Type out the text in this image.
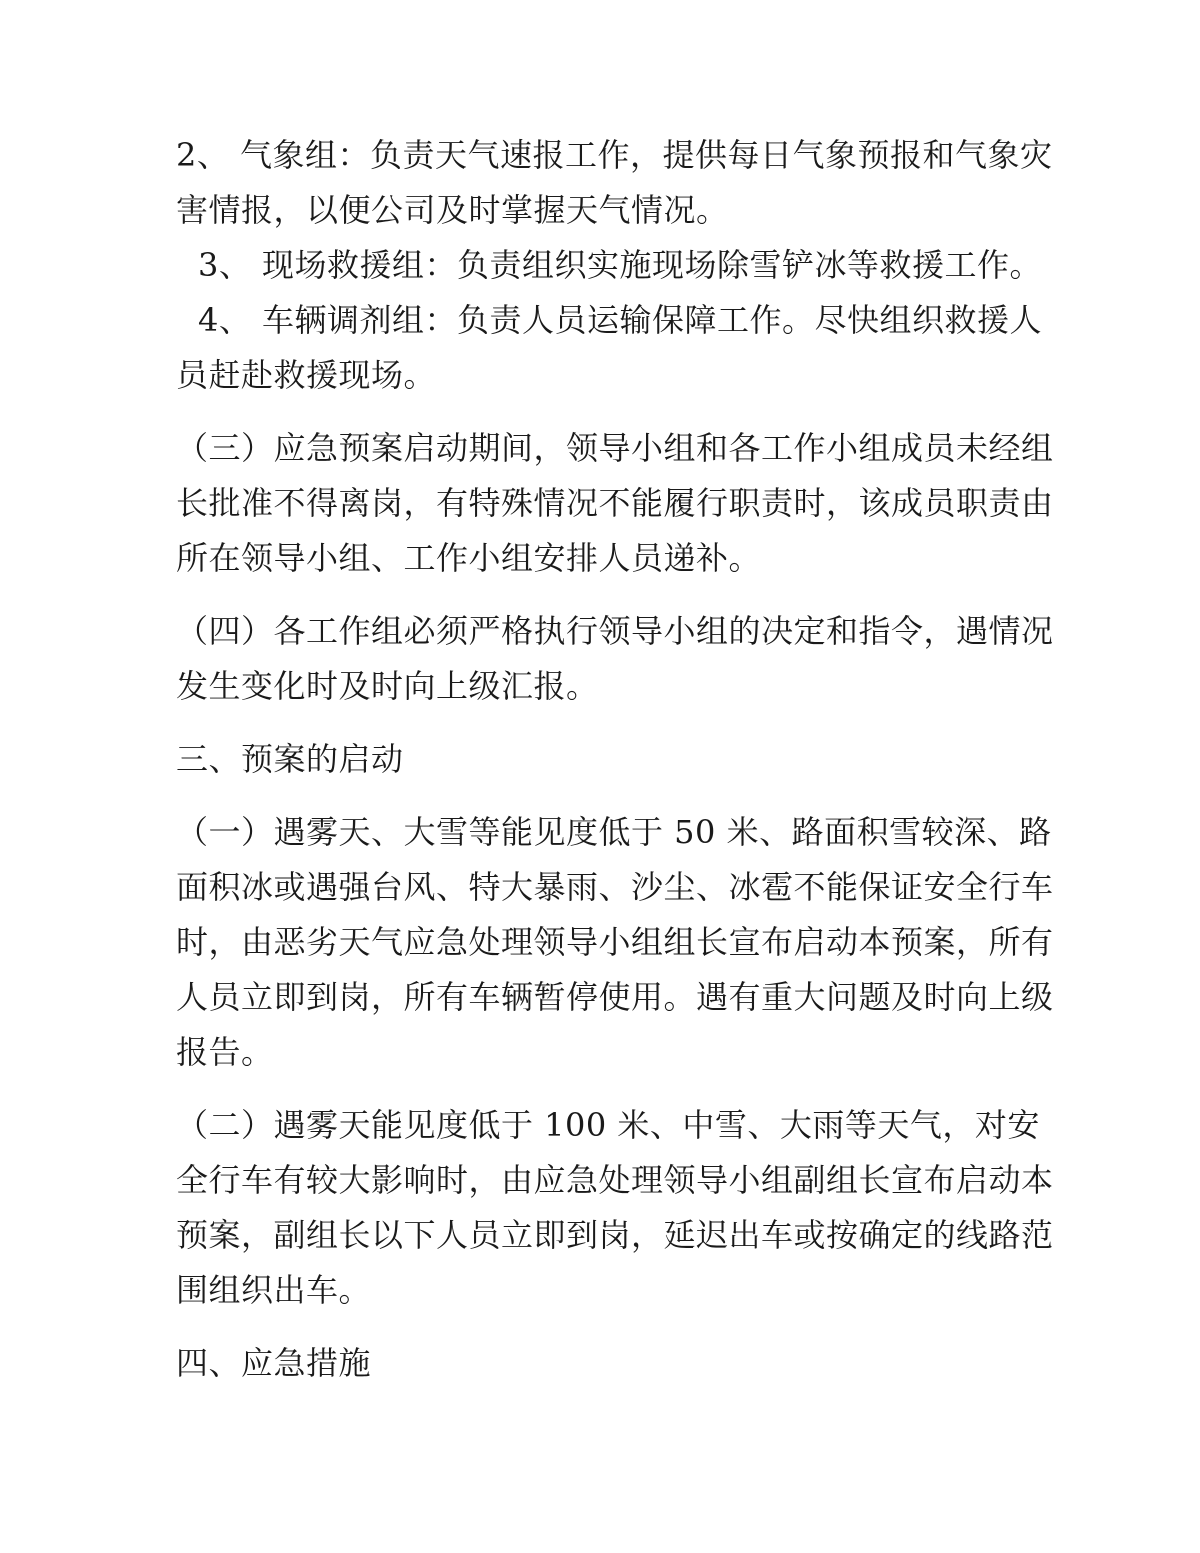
2、 气象组：负责天气速报工作，提供每日气象预报和气象灾
害情报，以便公司及时掌握天气情况。
3、 现场救援组：负责组织实施现场除雪铲冰等救援工作。
4、 车辆调剂组：负责人员运输保障工作。尽快组织救援人
员赶赴救援现场。
（三）应急预案启动期间，领导小组和各工作小组成员未经组
长批准不得离岗，有特殊情况不能履行职责时，该成员职责由
所在领导小组、工作小组安排人员递补。
（四）各工作组必须严格执行领导小组的决定和指令，遇情况
发生变化时及时向上级汇报。
三、预案的启动
（一）遇雾天、大雪等能见度低于 50 米、路面积雪较深、路
面积冰或遇强台风、特大暴雨、沙尘、冰雹不能保证安全行车
时，由恶劣天气应急处理领导小组组长宣布启动本预案，所有
人员立即到岗，所有车辆暂停使用。遇有重大问题及时向上级
报告。
（二）遇雾天能见度低于 100 米、中雪、大雨等天气，对安
全行车有较大影响时，由应急处理领导小组副组长宣布启动本
预案，副组长以下人员立即到岗，延迟出车或按确定的线路范
围组织出车。
四、应急措施
